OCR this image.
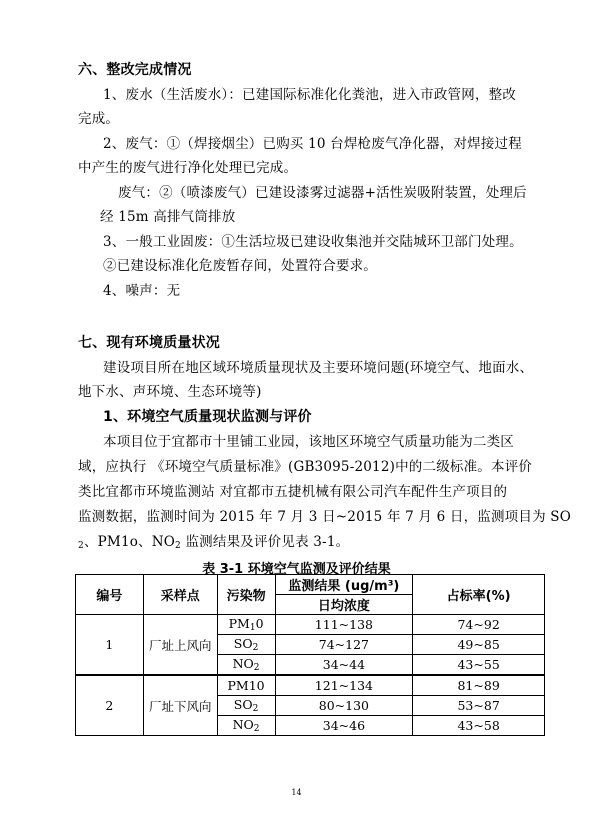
六、整改完成情况
1、废水（生活废水）：已建国际标准化化粪池，进入市政管网，整改
完成。
2、废气：①（焊接烟尘）已购买 10 台焊枪废气净化器，对焊接过程
中产生的废气进行净化处理已完成。
废气：②（喷漆废气）已建设漆雾过滤器+活性炭吸附装置，处理后
经 15m 高排气筒排放
3、一般工业固废：①生活垃圾已建设收集池并交陆城环卫部门处理。
②已建设标准化危废暂存间，处置符合要求。
4、噪声：无
七、现有环境质量状况
建设项目所在地区域环境质量现状及主要环境问题(环境空气、地面水、
地下水、声环境、生态环境等)
1、环境空气质量现状监测与评价
本项目位于宜都市十里铺工业园，该地区环境空气质量功能为二类区
域，应执行 《环境空气质量标准》(GB3095-2012)中的二级标准。本评价
类比宜都市环境监测站 对宜都市五捷机械有限公司汽车配件生产项目的
监测数据，监测时间为 2015 年 7 月 3 日~2015 年 7 月 6 日，监测项目为 SO
$_2$、PM1o、$NO_2$ 监测结果及评价见表 3-1。
表 3-1 环境空气监测及评价结果
编号	采样点	污染物	监测结果 (ug/m³)	占标率(%)
			日均浓度	
1	厂址上风向	$PM_10$	111~138	74~92
		$SO_2$	74~127	49~85
		$NO_2$	34~44	43~55
2	厂址下风向	PM10	121~134	81~89
		$SO_2$	80~130	53~87
		$NO_2$	34~46	43~58
14
